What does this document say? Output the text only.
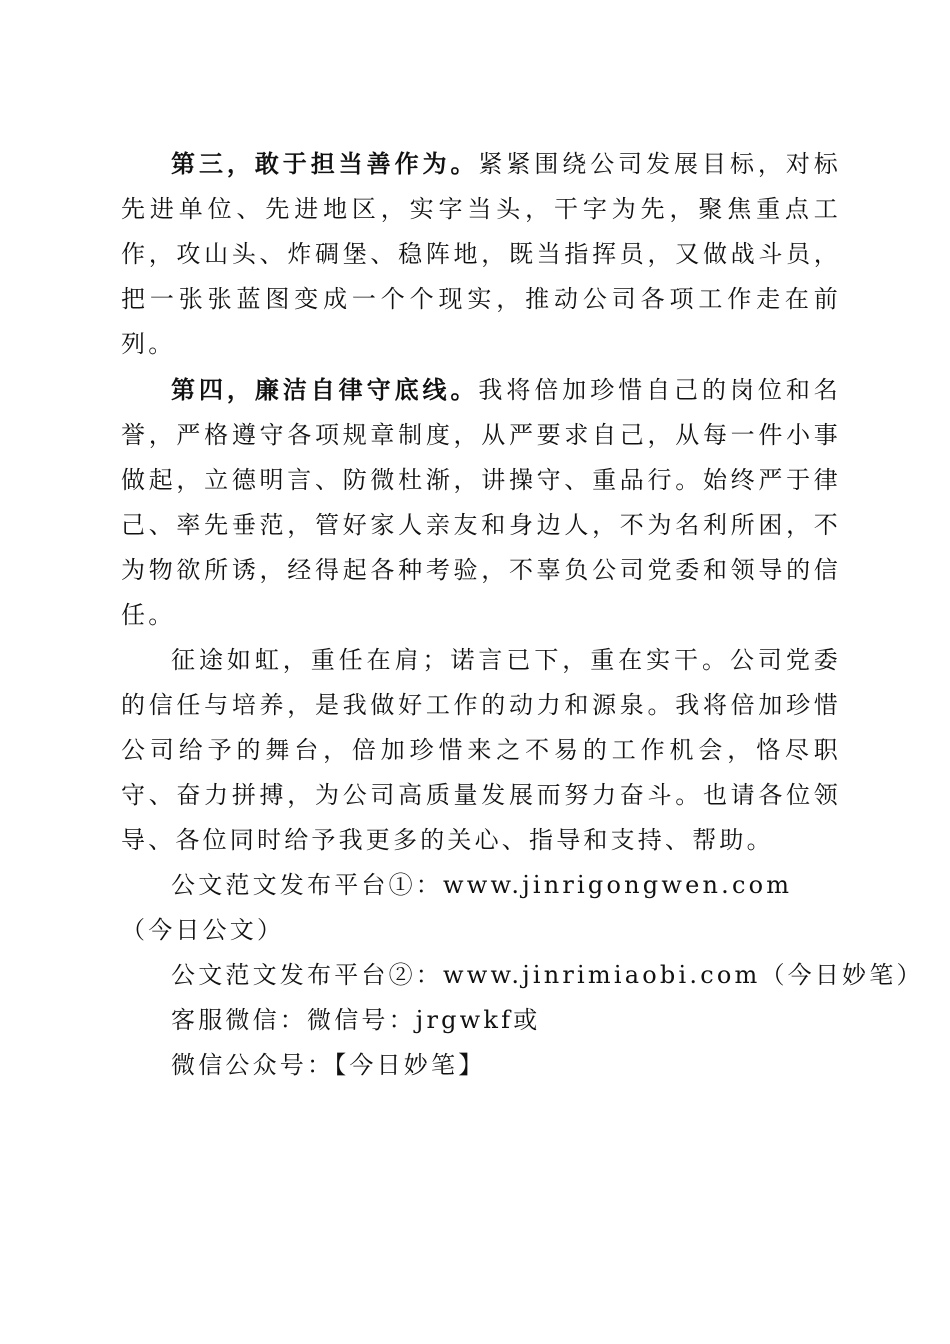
第三，敢于担当善作为。紧紧围绕公司发展目标，对标先进单位、先进地区，实字当头，干字为先，聚焦重点工作，攻山头、炸碉堡、稳阵地，既当指挥员，又做战斗员，把一张张蓝图变成一个个现实，推动公司各项工作走在前列。

第四，廉洁自律守底线。我将倍加珍惜自己的岗位和名誉，严格遵守各项规章制度，从严要求自己，从每一件小事做起，立德明言、防微杜渐，讲操守、重品行。始终严于律己、率先垂范，管好家人亲友和身边人，不为名利所困，不为物欲所诱，经得起各种考验，不辜负公司党委和领导的信任。

征途如虹，重任在肩；诺言已下，重在实干。公司党委的信任与培养，是我做好工作的动力和源泉。我将倍加珍惜公司给予的舞台，倍加珍惜来之不易的工作机会，恪尽职守、奋力拼搏，为公司高质量发展而努力奋斗。也请各位领导、各位同时给予我更多的关心、指导和支持、帮助。

公文范文发布平台①：www.jinrigongwen.com（今日公文）

公文范文发布平台②：www.jinrimiaobi.com（今日妙笔）

客服微信：微信号：jrgwkf或

微信公众号：【今日妙笔】
